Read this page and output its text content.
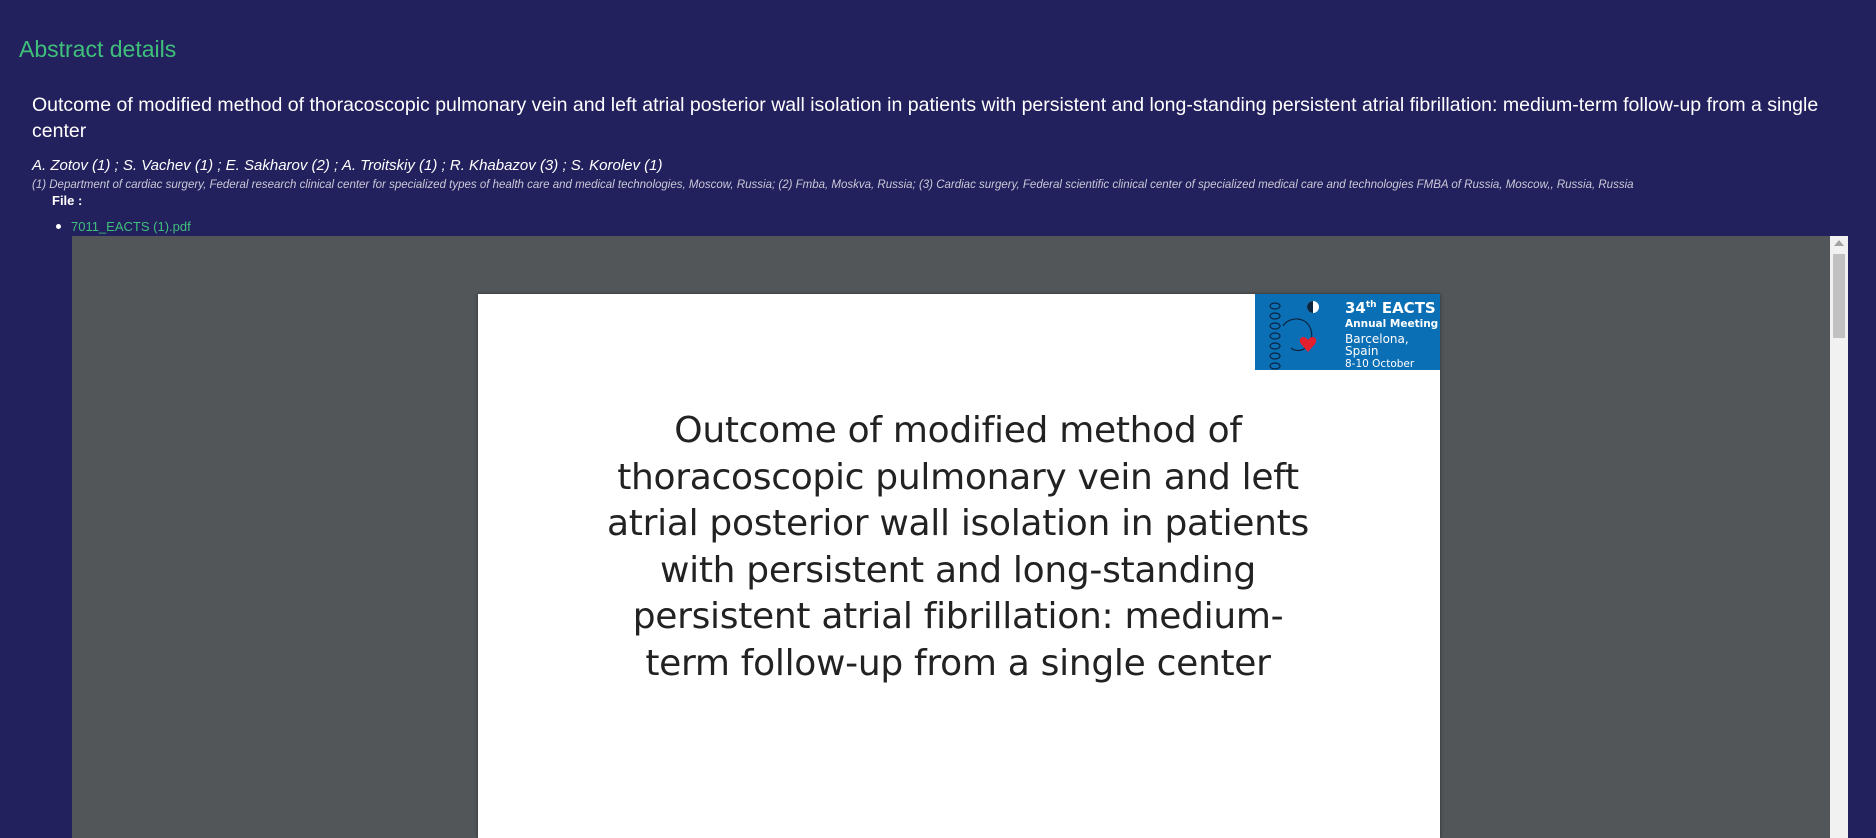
Abstract details
Outcome of modified method of thoracoscopic pulmonary vein and left atrial posterior wall isolation in patients with persistent and long-standing persistent atrial fibrillation: medium-term follow-up from a single center

A. Zotov (1) ; S. Vachev (1) ; E. Sakharov (2) ; A. Troitskiy (1) ; R. Khabazov (3) ; S. Korolev (1)

(1) Department of cardiac surgery, Federal research clinical center for specialized types of health care and medical technologies, Moscow, Russia; (2) Fmba, Moskva, Russia; (3) Cardiac surgery, Federal scientific clinical center of specialized medical care and technologies FMBA of Russia, Moscow,, Russia, Russia

File :
7011_EACTS (1).pdf
34th EACTS
Annual Meeting
Barcelona, Spain
8-10 October 2020
Outcome of modified method of thoracoscopic pulmonary vein and left atrial posterior wall isolation in patients with persistent and long-standing persistent atrial fibrillation: medium-term follow-up from a single center
